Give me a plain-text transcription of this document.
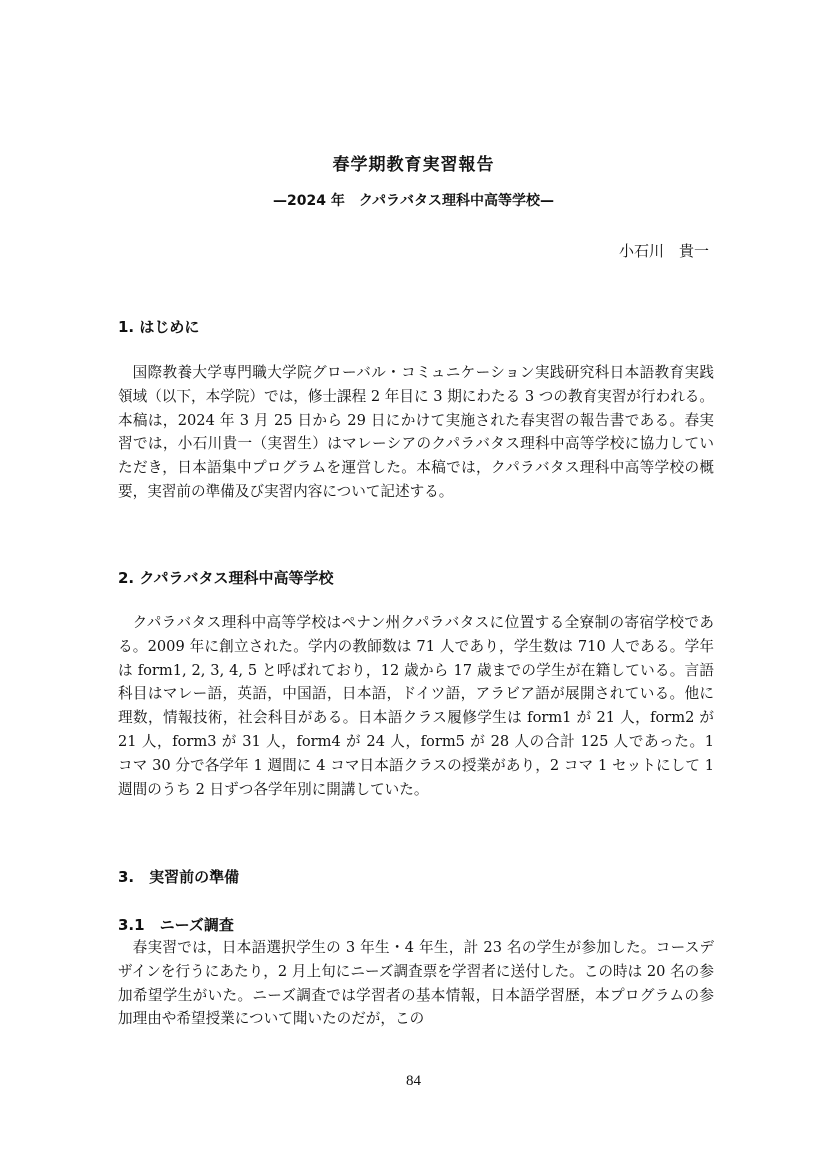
春学期教育実習報告
—2024 年　クパラバタス理科中高等学校—
小石川　貴一
1. はじめに

国際教養大学専門職大学院グローバル・コミュニケーション実践研究科日本語教育実践領域（以下，本学院）では，修士課程 2 年目に 3 期にわたる 3 つの教育実習が行われる。本稿は，2024 年 3 月 25 日から 29 日にかけて実施された春実習の報告書である。春実習では，小石川貴一（実習生）はマレーシアのクパラバタス理科中高等学校に協力していただき，日本語集中プログラムを運営した。本稿では，クパラバタス理科中高等学校の概要，実習前の準備及び実習内容について記述する。

2. クパラバタス理科中高等学校

クパラバタス理科中高等学校はペナン州クパラバタスに位置する全寮制の寄宿学校である。2009 年に創立された。学内の教師数は 71 人であり，学生数は 710 人である。学年は form1, 2, 3, 4, 5 と呼ばれており，12 歳から 17 歳までの学生が在籍している。言語科目はマレー語，英語，中国語，日本語，ドイツ語，アラビア語が展開されている。他に理数，情報技術，社会科目がある。日本語クラス履修学生は form1 が 21 人，form2 が 21 人，form3 が 31 人，form4 が 24 人，form5 が 28 人の合計 125 人であった。1 コマ 30 分で各学年 1 週間に 4 コマ日本語クラスの授業があり，2 コマ 1 セットにして 1 週間のうち 2 日ずつ各学年別に開講していた。

3.　実習前の準備
3.1　ニーズ調査

春実習では，日本語選択学生の 3 年生・4 年生，計 23 名の学生が参加した。コースデザインを行うにあたり，2 月上旬にニーズ調査票を学習者に送付した。この時は 20 名の参加希望学生がいた。ニーズ調査では学習者の基本情報，日本語学習歴，本プログラムの参加理由や希望授業について聞いたのだが，この

84
